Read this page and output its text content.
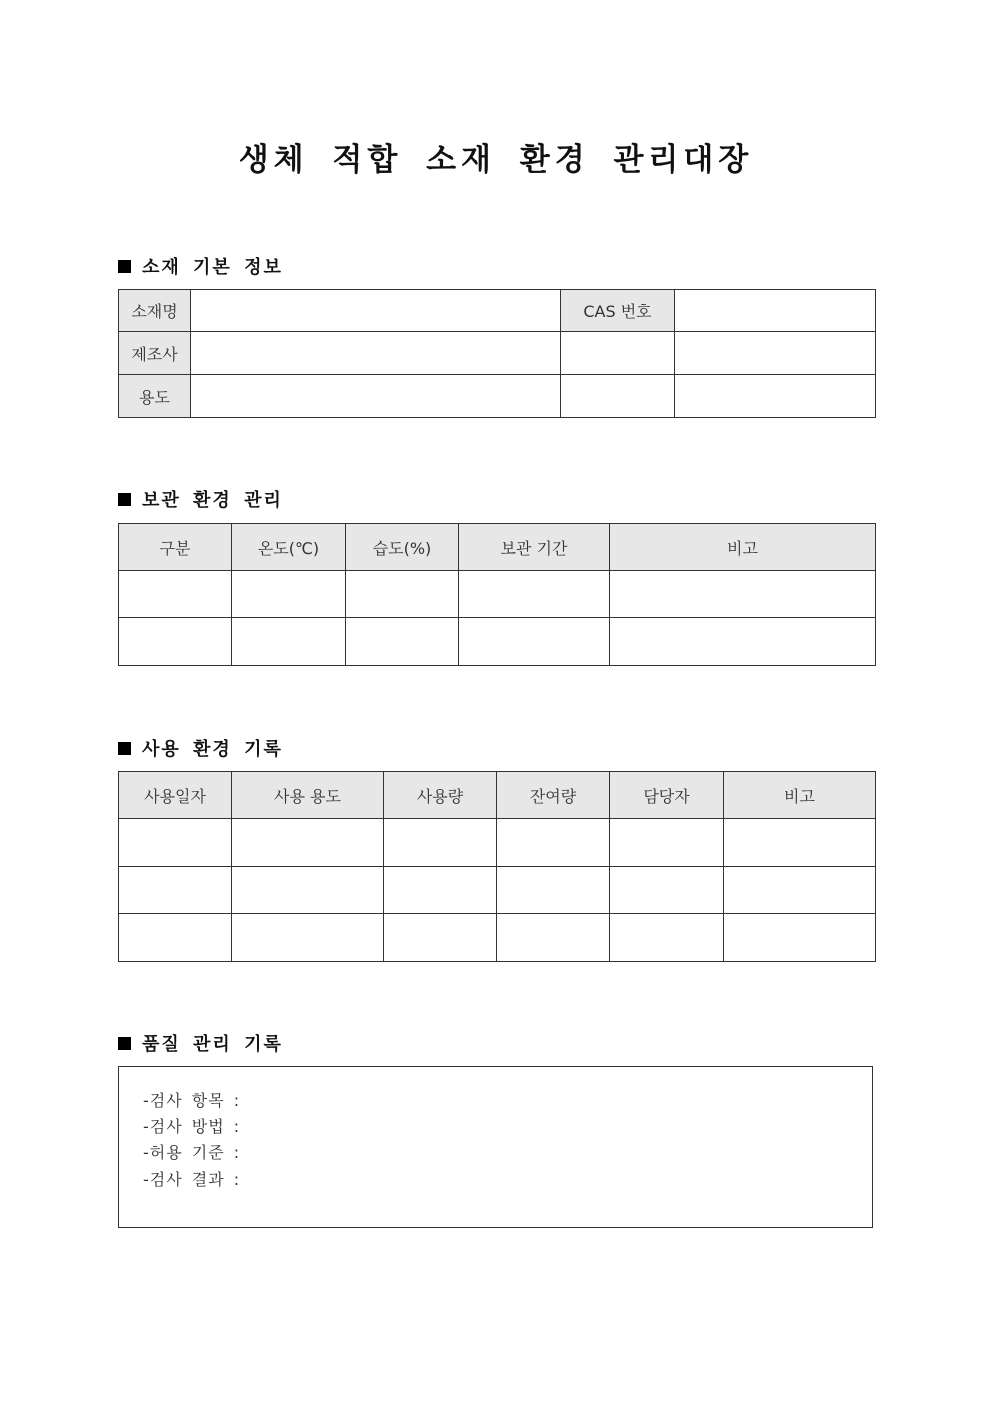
생체 적합 소재 환경 관리대장
소재 기본 정보
소재명		CAS 번호	
제조사			
용도			
보관 환경 관리
구분	온도(℃)	습도(%)	보관 기간	비고

사용 환경 기록
사용일자	사용 용도	사용량	잔여량	담당자	비고

품질 관리 기록
-검사 항목 :
-검사 방법 :
-허용 기준 :
-검사 결과 :
